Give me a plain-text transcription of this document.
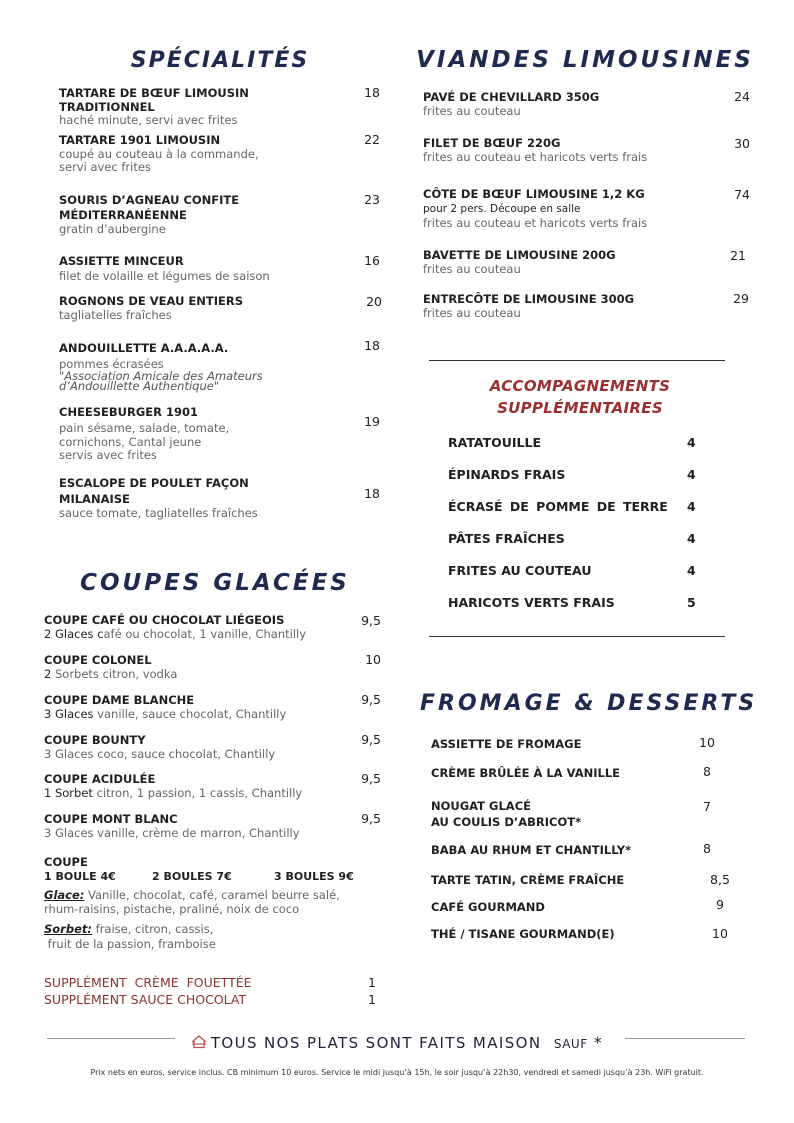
SPÉCIALITÉS
TARTARE DE BŒUF LIMOUSIN
TRADITIONNEL
haché minute, servi avec frites
18
TARTARE 1901 LIMOUSIN
coupé au couteau à la commande,
servi avec frites
22
SOURIS D’AGNEAU CONFITE
MÉDITERRANÉENNE
gratin d’aubergine
23
ASSIETTE MINCEUR
filet de volaille et légumes de saison
16
ROGNONS DE VEAU ENTIERS
tagliatelles fraîches
20
ANDOUILLETTE A.A.A.A.A.
pommes écrasées
"Association Amicale des Amateurs
d’Andouillette Authentique"
18
CHEESEBURGER 1901
pain sésame, salade, tomate,
cornichons, Cantal jeune
servis avec frites
19
ESCALOPE DE POULET FAÇON
MILANAISE
sauce tomate, tagliatelles fraîches
18
VIANDES LIMOUSINES
PAVÉ DE CHEVILLARD 350G
frites au couteau
24
FILET DE BŒUF 220G
frites au couteau et haricots verts frais
30
CÔTE DE BŒUF LIMOUSINE 1,2 KG
pour 2 pers. Découpe en salle
frites au couteau et haricots verts frais
74
BAVETTE DE LIMOUSINE 200G
frites au couteau
21
ENTRECÔTE DE LIMOUSINE 300G
frites au couteau
29
ACCOMPAGNEMENTS
SUPPLÉMENTAIRES
RATATOUILLE	4
ÉPINARDS FRAIS	4
ÉCRASÉ DE POMME DE TERRE 4
PÂTES FRAÎCHES	4
FRITES AU COUTEAU	4
HARICOTS VERTS FRAIS	5
COUPES GLACÉES
COUPE CAFÉ OU CHOCOLAT LIÉGEOIS
2 Glaces café ou chocolat, 1 vanille, Chantilly
9,5
COUPE COLONEL
2 Sorbets citron, vodka
10
COUPE DAME BLANCHE
3 Glaces vanille, sauce chocolat, Chantilly
9,5
COUPE BOUNTY
3 Glaces coco, sauce chocolat, Chantilly
9,5
COUPE ACIDULÉE
1 Sorbet citron, 1 passion, 1 cassis, Chantilly
9,5
COUPE MONT BLANC
3 Glaces vanille, crème de marron, Chantilly
9,5
COUPE
1 BOULE 4€	2 BOULES 7€	3 BOULES 9€
Glace: Vanille, chocolat, café, caramel beurre salé,
rhum-raisins, pistache, praliné, noix de coco
Sorbet: fraise, citron, cassis,
fruit de la passion, framboise
SUPPLÉMENT  CRÈME  FOUETTÉE	1
SUPPLÉMENT SAUCE CHOCOLAT	1
FROMAGE & DESSERTS
ASSIETTE DE FROMAGE	10
CRÈME BRÛLÉE À LA VANILLE	8
NOUGAT GLACÉ
AU COULIS D’ABRICOT*
7
BABA AU RHUM ET CHANTILLY*	8
TARTE TATIN, CRÈME FRAÎCHE	8,5
CAFÉ GOURMAND	9
THÉ / TISANE GOURMAND(E)	10
TOUS NOS PLATS SONT FAITS MAISON SAUF *
Prix nets en euros, service inclus. CB minimum 10 euros. Service le midi jusqu’à 15h, le soir jusqu’à 22h30, vendredi et samedi jusqu’à 23h. WiFi gratuit.
